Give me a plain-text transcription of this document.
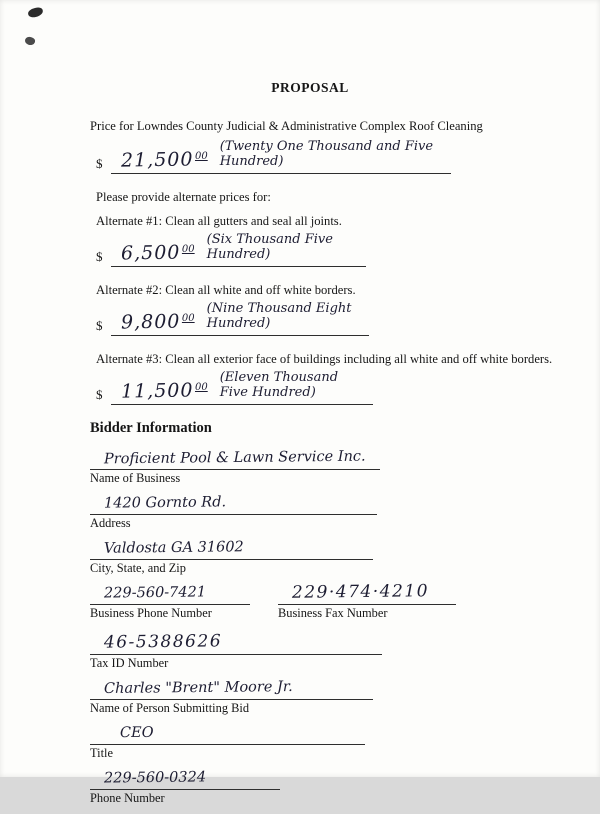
PROPOSAL
Price for Lowndes County Judicial & Administrative Complex Roof Cleaning
$ 21,500 00
(Twenty One Thousand and Five Hundred)
Please provide alternate prices for:
Alternate #1: Clean all gutters and seal all joints.
$ 6,500 00
(Six Thousand Five Hundred)
Alternate #2: Clean all white and off white borders.
$ 9,800 00
(Nine Thousand Eight Hundred)
Alternate #3: Clean all exterior face of buildings including all white and off white borders.
$ 11,500 00
(Eleven Thousand Five Hundred)
Bidder Information
Proficient Pool & Lawn Service Inc.
Name of Business
1420 Gornto Rd.
Address
Valdosta GA 31602
City, State, and Zip
229-560-7421
Business Phone Number
229·474·4210
Business Fax Number
46-5388626
Tax ID Number
Charles "Brent" Moore Jr.
Name of Person Submitting Bid
CEO
Title
229-560-0324
Phone Number
